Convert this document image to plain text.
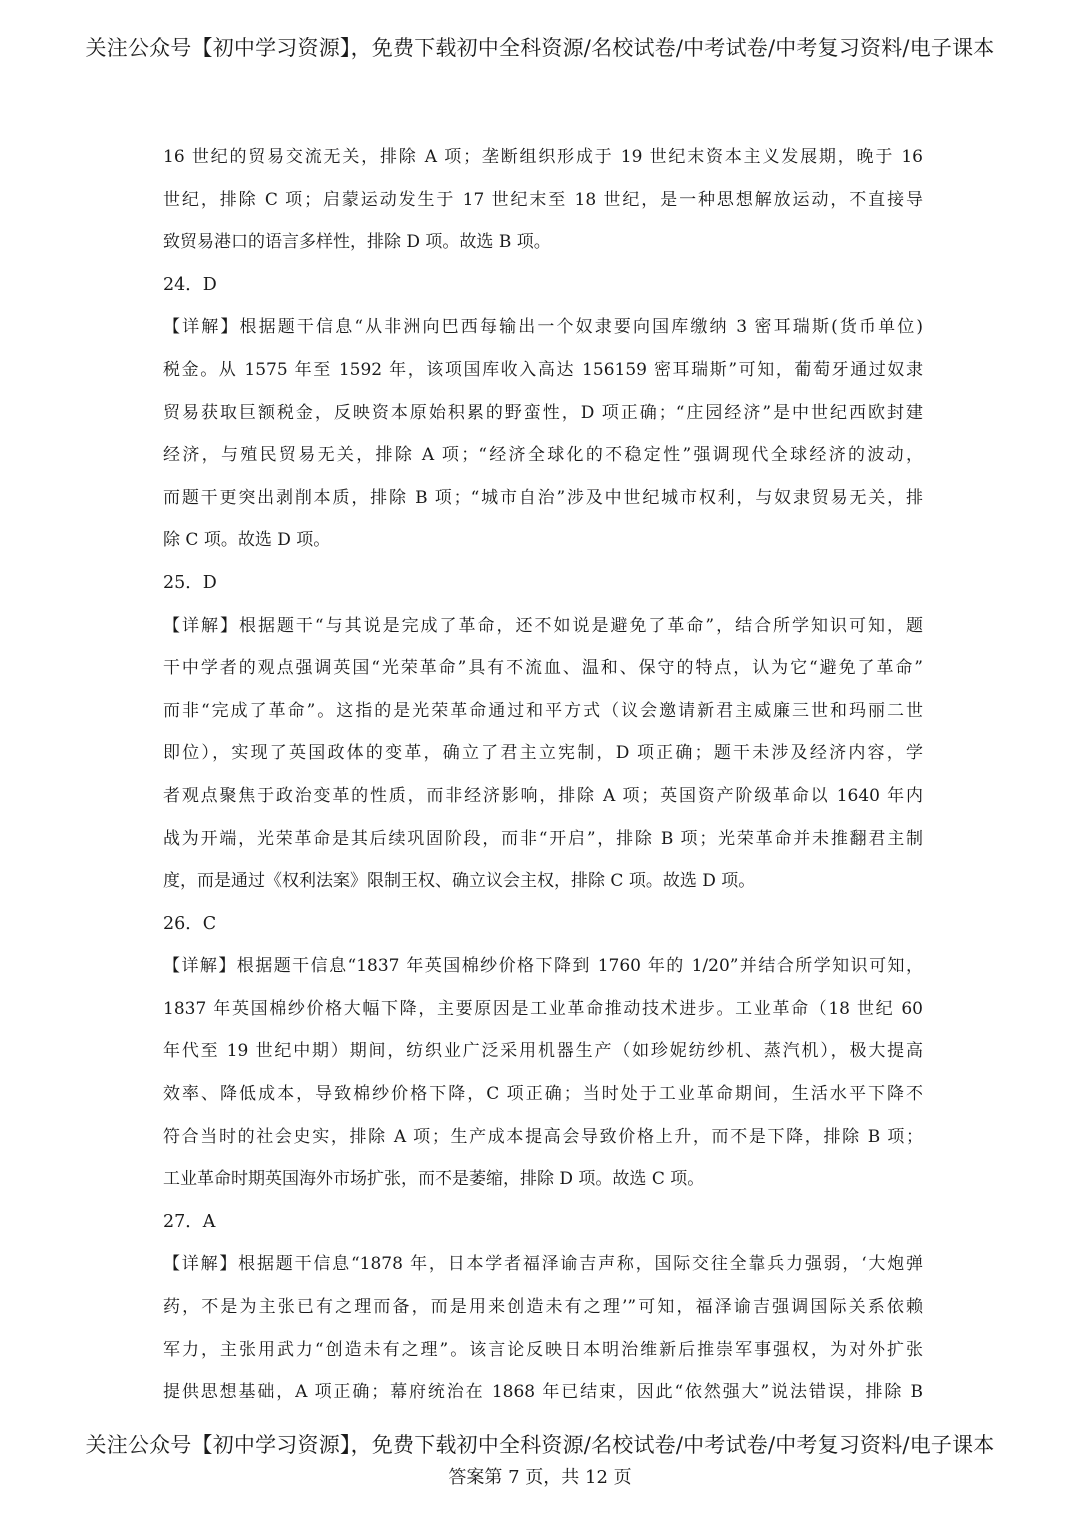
关注公众号【初中学习资源】，免费下载初中全科资源/名校试卷/中考试卷/中考复习资料/电子课本
16 世纪的贸易交流无关，排除 A 项；垄断组织形成于 19 世纪末资本主义发展期，晚于 16
世纪，排除 C 项；启蒙运动发生于 17 世纪末至 18 世纪，是一种思想解放运动，不直接导
致贸易港口的语言多样性，排除 D 项。故选 B 项。
24．D
【详解】根据题干信息“从非洲向巴西每输出一个奴隶要向国库缴纳 3 密耳瑞斯(货币单位)
税金。从 1575 年至 1592 年，该项国库收入高达 156159 密耳瑞斯”可知，葡萄牙通过奴隶
贸易获取巨额税金，反映资本原始积累的野蛮性，D 项正确；“庄园经济”是中世纪西欧封建
经济，与殖民贸易无关，排除 A 项；“经济全球化的不稳定性”强调现代全球经济的波动，
而题干更突出剥削本质，排除 B 项；“城市自治”涉及中世纪城市权利，与奴隶贸易无关，排
除 C 项。故选 D 项。
25．D
【详解】根据题干“与其说是完成了革命，还不如说是避免了革命”，结合所学知识可知，题
干中学者的观点强调英国“光荣革命”具有不流血、温和、保守的特点，认为它“避免了革命”
而非“完成了革命”。这指的是光荣革命通过和平方式（议会邀请新君主威廉三世和玛丽二世
即位），实现了英国政体的变革，确立了君主立宪制，D 项正确；题干未涉及经济内容，学
者观点聚焦于政治变革的性质，而非经济影响，排除 A 项；英国资产阶级革命以 1640 年内
战为开端，光荣革命是其后续巩固阶段，而非“开启”，排除 B 项；光荣革命并未推翻君主制
度，而是通过《权利法案》限制王权、确立议会主权，排除 C 项。故选 D 项。
26．C
【详解】根据题干信息“1837 年英国棉纱价格下降到 1760 年的 1/20”并结合所学知识可知，
1837 年英国棉纱价格大幅下降，主要原因是工业革命推动技术进步。工业革命（18 世纪 60
年代至 19 世纪中期）期间，纺织业广泛采用机器生产（如珍妮纺纱机、蒸汽机），极大提高
效率、降低成本，导致棉纱价格下降，C 项正确；当时处于工业革命期间，生活水平下降不
符合当时的社会史实，排除 A 项；生产成本提高会导致价格上升，而不是下降，排除 B 项；
工业革命时期英国海外市场扩张，而不是萎缩，排除 D 项。故选 C 项。
27．A
【详解】根据题干信息“1878 年，日本学者福泽谕吉声称，国际交往全靠兵力强弱，‘大炮弹
药，不是为主张已有之理而备，而是用来创造未有之理’”可知，福泽谕吉强调国际关系依赖
军力，主张用武力“创造未有之理”。该言论反映日本明治维新后推崇军事强权，为对外扩张
提供思想基础，A 项正确；幕府统治在 1868 年已结束，因此“依然强大”说法错误，排除 B
关注公众号【初中学习资源】，免费下载初中全科资源/名校试卷/中考试卷/中考复习资料/电子课本
答案第 7 页，共 12 页
